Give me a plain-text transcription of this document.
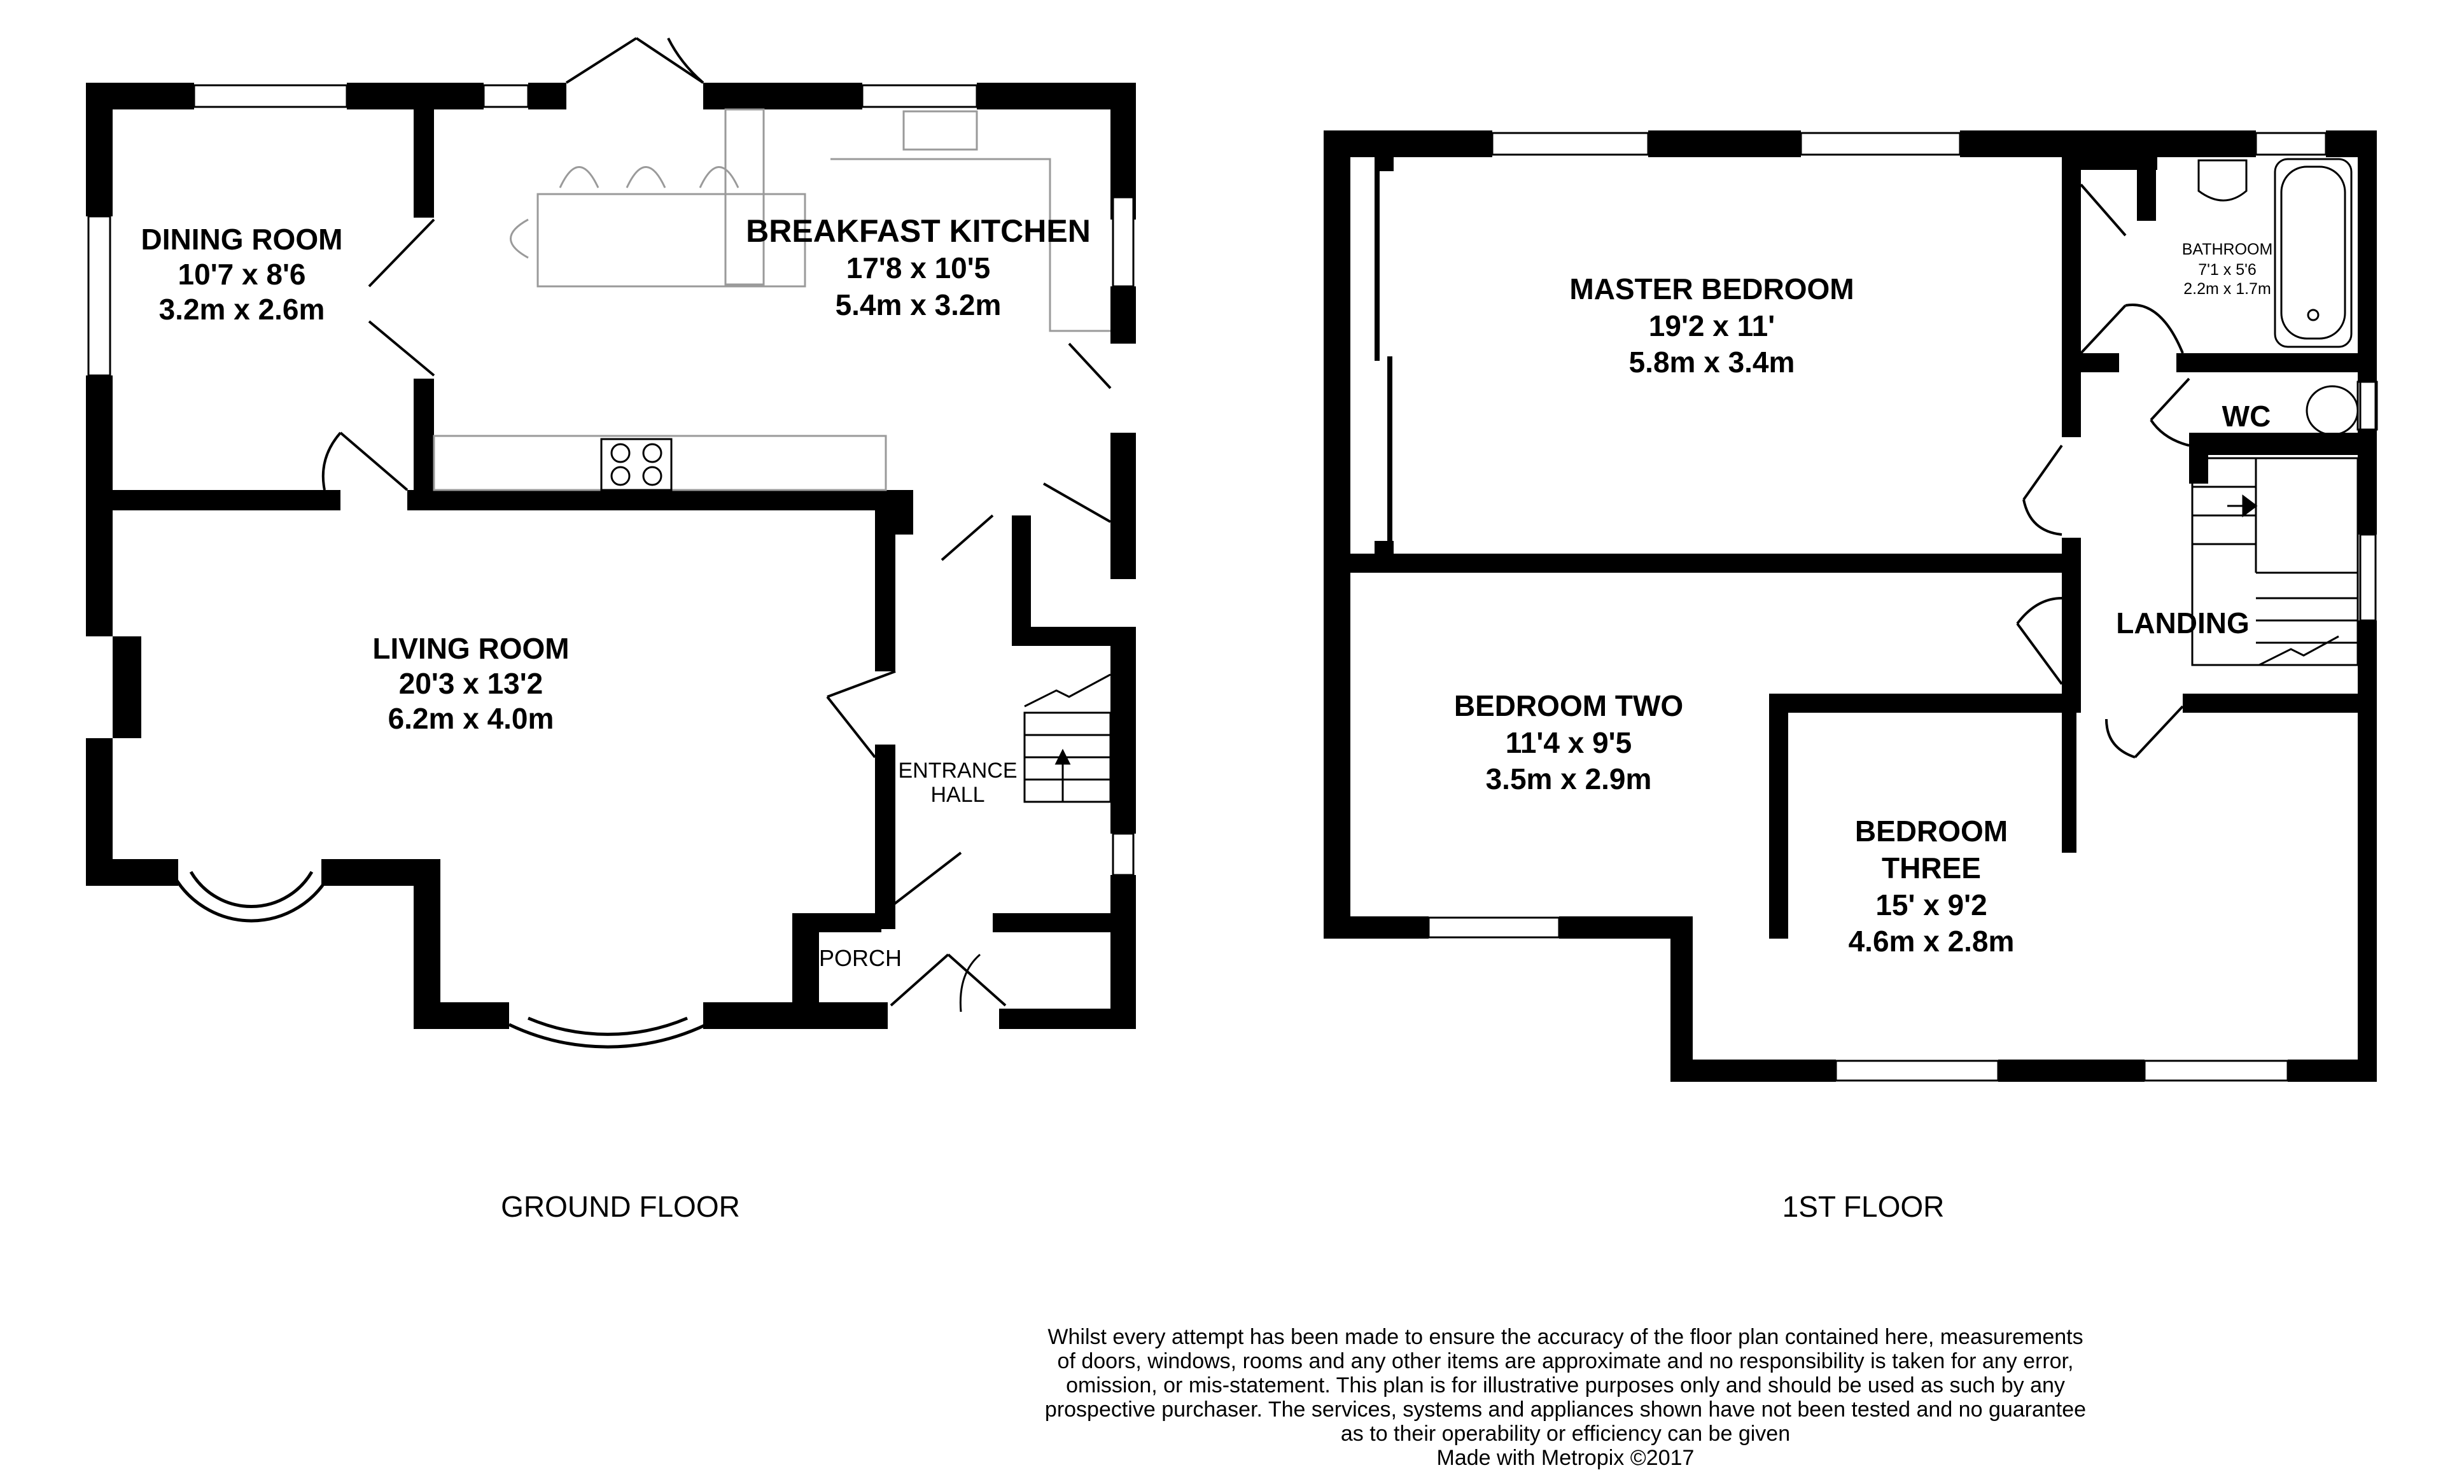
DINING ROOM
10'7 x 8'6
3.2m x 2.6m
BREAKFAST KITCHEN
17'8 x 10'5
5.4m x 3.2m
LIVING ROOM
20'3 x 13'2
6.2m x 4.0m
ENTRANCE
HALL
PORCH
GROUND FLOOR
MASTER BEDROOM
19'2 x 11'
5.8m x 3.4m
BATHROOM
7'1 x 5'6
2.2m x 1.7m
WC
LANDING
BEDROOM TWO
11'4 x 9'5
3.5m x 2.9m
BEDROOM
THREE
15' x 9'2
4.6m x 2.8m
1ST FLOOR
Whilst every attempt has been made to ensure the accuracy of the floor plan contained here, measurements
of doors, windows, rooms and any other items are approximate and no responsibility is taken for any error,
omission, or mis-statement. This plan is for illustrative purposes only and should be used as such by any
prospective purchaser. The services, systems and appliances shown have not been tested and no guarantee
as to their operability or efficiency can be given
Made with Metropix ©2017
